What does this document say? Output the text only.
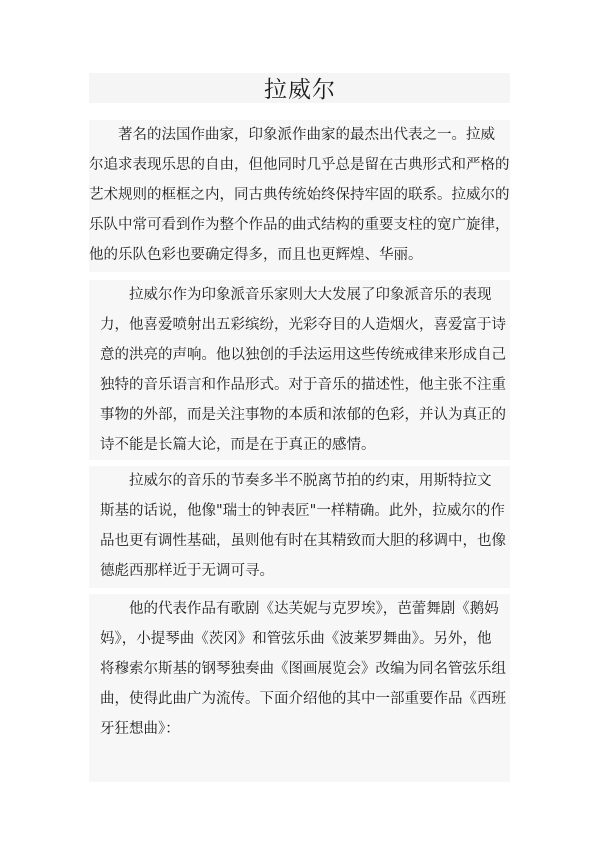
拉威尔
著名的法国作曲家，印象派作曲家的最杰出代表之一。拉威
尔追求表现乐思的自由，但他同时几乎总是留在古典形式和严格的
艺术规则的框框之内，同古典传统始终保持牢固的联系。拉威尔的
乐队中常可看到作为整个作品的曲式结构的重要支柱的宽广旋律，
他的乐队色彩也要确定得多，而且也更辉煌、华丽。
拉威尔作为印象派音乐家则大大发展了印象派音乐的表现
力，他喜爱喷射出五彩缤纷，光彩夺目的人造烟火，喜爱富于诗
意的洪亮的声响。他以独创的手法运用这些传统戒律来形成自己
独特的音乐语言和作品形式。对于音乐的描述性，他主张不注重
事物的外部，而是关注事物的本质和浓郁的色彩，并认为真正的
诗不能是长篇大论，而是在于真正的感情。
拉威尔的音乐的节奏多半不脱离节拍的约束，用斯特拉文
斯基的话说，他像"瑞士的钟表匠"一样精确。此外，拉威尔的作
品也更有调性基础，虽则他有时在其精致而大胆的移调中，也像
德彪西那样近于无调可寻。
他的代表作品有歌剧《达芙妮与克罗埃》，芭蕾舞剧《鹅妈
妈》，小提琴曲《茨冈》和管弦乐曲《波莱罗舞曲》。另外，他
将穆索尔斯基的钢琴独奏曲《图画展览会》改编为同名管弦乐组
曲，使得此曲广为流传。下面介绍他的其中一部重要作品《西班
牙狂想曲》：
